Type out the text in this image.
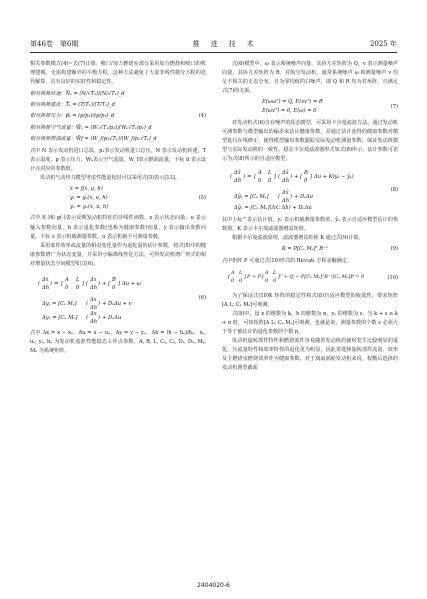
第46卷　第6期	推　进　技　术	2025 年

相关参数模式(4)~式(7)计算。喷口/加力燃烧室部分采用加力燃烧和喷口的机理建模，无需构建额外的平衡方程，这种方法避免了大量非线性微分方程的迭代解算，具有良好的实时性和稳定性。

相对换算转速：N̄ₛ = (N/√T₁)/(N/√T₁)_d
相对换算温度：T̄ₛ = (T/T₁)/(T/T₁)_d
相对换算压力：p̄ₛ = (p/p₁)/(p/p₁)_d	(4)
相对换算空气流量：W̄ₐ = (Wₐ√T₁/p₁)/(Wₐ√T₁/p₁)_d
相对换算燃油流量：W̄f = (W_f/p₁√T₁)/(W_f/p₁√T₁)_d

式中 N 表示发动机进口总温，p₁表示发动机进口总压，N 表示发动机转速，T 表示温度，p 表示压力，Wₐ表示空气流量，W_f表示燃油流量，下标 d 表示设计点对应的参数值。

发动机气动热力模型考虑性能退化时可以采用式(5)表示[13]。

ẋ = f(x, u, h)
yₛ = gₛ(x, u, h)
yᵤ = gᵤ(x, u, h)
(5)

式中 f(·)和 g(·)表示反映发动机特征的非线性函数，x 表示状态向量，u 表示输入参数向量，h 表示退化参数(也称为健康参数)向量，y 表示输出参数向量。下标 s 表示机载测量参数，u 表示机载不可测量参数。

采用部件效率或流量的相对变化量作为退化量的估计参数，将式(5)中的健康参数增广为状态变量，并采用小偏离线性化方法，可得发动机增广形式的相对增量状态空间模型如式(6)。

(
Δẋ
Δḣ
) = [
A L
0 0
] (
Δx
Δh
) + [
B
0
] Δu + ω
Δyₛ = [Cₛ Mₛ] (
Δx
Δh
) + DₛΔu + v
Δyᵤ = [Cᵤ Mᵤ] (
Δx
Δh
) + DᵤΔu
(6)

式中 Δx = x − xₑ，Δu = u − uₑ，Δy = y − yₑ，Δh = (h − hₑ)/hₑ，xₑ, uₑ, yₑ, hₑ 为发动机基准性能稳态工作点参数，A, B, L, Cₛ, Cᵤ, Dₛ, Dᵤ, Mₛ, Mᵤ 为系统矩阵。

式(6)模型中，ω 表示系统噪声向量，其协方差矩阵为 Q，v 表示测量噪声向量，其协方差矩阵为 R。对航空发动机，通常系统噪声 ω 和测量噪声 v 均呈不相关的正态分布，且为零均值的白噪声，即 Q 和 R 均为对角阵，且满足式(7)的关系。

E(ωωᵀ) = Q, E(vvᵀ) = R
E(ωvᵀ) = 0, E(ω) = 0
(7)

对发动机式(6)含有噪声的状态模型，可采用卡尔曼滤波方法，通过发动机可测参数与模型输出的偏差来估计健康参数，并通过估计获得的健康参数对模型进行在线修正，使得模型输出参数跟踪实际发动机测量参数，保证发动机模型与实际发动机的一致性。稳态卡尔曼滤波器形式如式(8)所示，估计参数可表示为式(8)所示的自适应模型。

(
Δx̂̇
Δĥ̇
) = [
A L
0 0
] (
Δx̂
Δĥ
) + [
B
0
] Δu + K(yₛ − ŷₛ)
Δŷₛ = [Cₛ Mₛ] (
Δx̂
Δĥ
) + DₛΔu
Δŷᵤ = [Cᵤ Mᵤ](Δx̂; Δĥ) + DᵤΔu
(8)

其中上标^表示估计值，yₛ 表示机载测量参数值，ŷₛ 表示自适应模型估计的参数值，K 表示卡尔曼滤波器增益矩阵。

根据卡尔曼滤波原理，滤波器增益矩阵 K 通过式(9)计算。

K = P[Cₛ Mₛ]ᵀ R⁻¹	(9)

式中矩阵 P 可通过式(10)形式的 Riccati 方程求解确定。

[
A L
0 0
] P + P [
A L
0 0
]ᵀ + Q − P[Cₛ Mₛ]ᵀR⁻¹[Cₛ Mₛ]P = 0	(10)

为了保证式(10)K 矩阵的稳定性和式(8)自适应模型的收敛性，要求矩阵[A L; Cₛ Mₛ]可观测。

式(8)中，设 x 的维数为 k，h 的维数为 n，yₛ 的维数为 s，当 k + s ≥ k + n 时，可知矩阵[A L; Cₛ Mₛ]可观测，也就是说，测量参数的个数 s 必须大于等于被估计的退化参数的个数 n。

发动机旋转部件特性和燃烧部件容易随着发动机的使用发生比较明显的退化，且流量特性和效率特性的退化更为明显，因此常选择旋转部件流量、效率及主燃烧室燃烧效率作为健康参数。对于涡扇涡轮发动机来说，权衡后选择的发动机典型截面

2404020-6
